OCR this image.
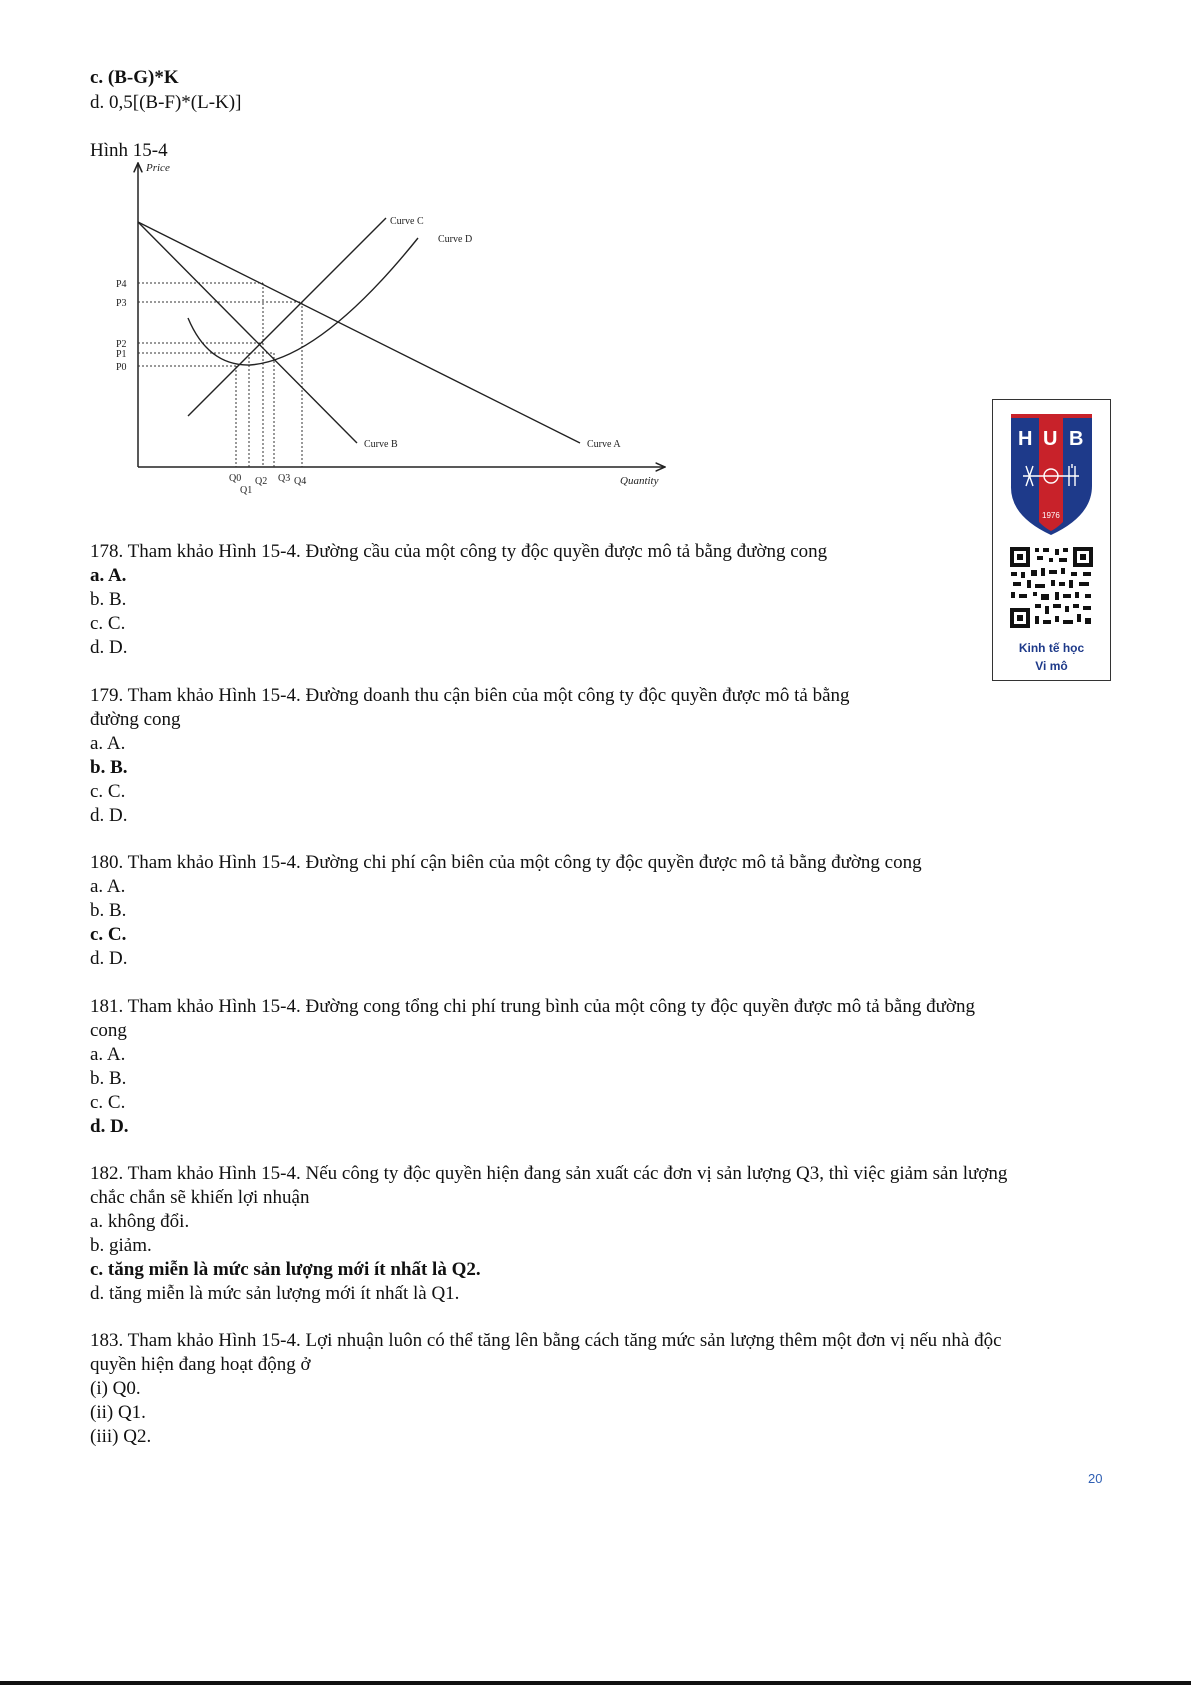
c. (B-G)*K
d. 0,5[(B-F)*(L-K)]
Hình 15-4
Price
Quantity
Curve A
Curve B
Curve C
Curve D
P4
P3
P2
P1
P0
Q0
Q1
Q2 Q3 Q4
H U B
1976
Kinh tế học
Vi mô
178. Tham khảo Hình 15-4. Đường cầu của một công ty độc quyền được mô tả bằng đường cong
a. A.
b. B.
c. C.
d. D.
179. Tham khảo Hình 15-4. Đường doanh thu cận biên của một công ty độc quyền được mô tả bằng
đường cong
a. A.
b. B.
c. C.
d. D.
180. Tham khảo Hình 15-4. Đường chi phí cận biên của một công ty độc quyền được mô tả bằng đường cong
a. A.
b. B.
c. C.
d. D.
181. Tham khảo Hình 15-4. Đường cong tổng chi phí trung bình của một công ty độc quyền được mô tả bằng đường
cong
a. A.
b. B.
c. C.
d. D.
182. Tham khảo Hình 15-4. Nếu công ty độc quyền hiện đang sản xuất các đơn vị sản lượng Q3, thì việc giảm sản lượng
chắc chắn sẽ khiến lợi nhuận
a. không đổi.
b. giảm.
c. tăng miễn là mức sản lượng mới ít nhất là Q2.
d. tăng miễn là mức sản lượng mới ít nhất là Q1.
183. Tham khảo Hình 15-4. Lợi nhuận luôn có thể tăng lên bằng cách tăng mức sản lượng thêm một đơn vị nếu nhà độc
quyền hiện đang hoạt động ở
(i) Q0.
(ii) Q1.
(iii) Q2.
20
